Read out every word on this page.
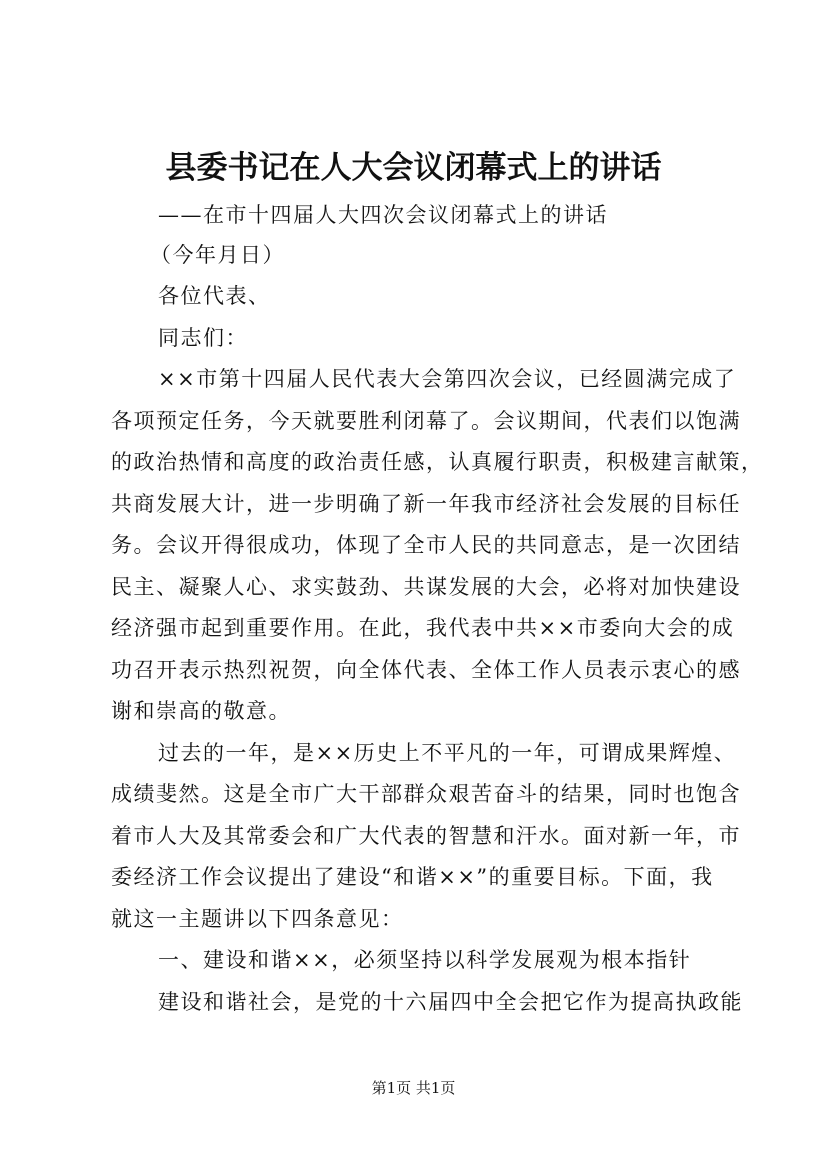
县委书记在人大会议闭幕式上的讲话
——在市十四届人大四次会议闭幕式上的讲话
（今年月日）
各位代表、
同志们：
××市第十四届人民代表大会第四次会议，已经圆满完成了
各项预定任务，今天就要胜利闭幕了。会议期间，代表们以饱满
的政治热情和高度的政治责任感，认真履行职责，积极建言献策，
共商发展大计，进一步明确了新一年我市经济社会发展的目标任
务。会议开得很成功，体现了全市人民的共同意志，是一次团结
民主、凝聚人心、求实鼓劲、共谋发展的大会，必将对加快建设
经济强市起到重要作用。在此，我代表中共××市委向大会的成
功召开表示热烈祝贺，向全体代表、全体工作人员表示衷心的感
谢和崇高的敬意。
过去的一年，是××历史上不平凡的一年，可谓成果辉煌、
成绩斐然。这是全市广大干部群众艰苦奋斗的结果，同时也饱含
着市人大及其常委会和广大代表的智慧和汗水。面对新一年，市
委经济工作会议提出了建设“和谐××”的重要目标。下面，我
就这一主题讲以下四条意见：
一、建设和谐××，必须坚持以科学发展观为根本指针
建设和谐社会，是党的十六届四中全会把它作为提高执政能
第1页 共1页
